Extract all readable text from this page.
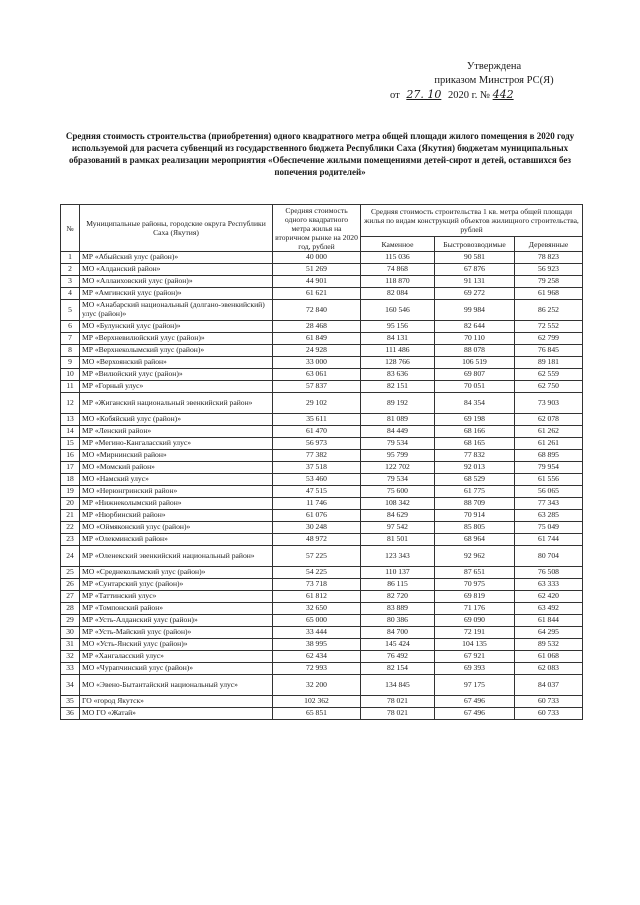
Утверждена
приказом Минстроя РС(Я)
от 27. 10 2020 г. № 442
Средняя стоимость строительства (приобретения) одного квадратного метра общей площади жилого помещения в 2020 году используемой для расчета субвенций из государственного бюджета Республики Саха (Якутия) бюджетам муниципальных образований в рамках реализации мероприятия «Обеспечение жилыми помещениями детей-сирот и детей, оставшихся без попечения родителей»
№	Муниципальные районы, городские округа Республики Саха (Якутия)	Средняя стоимость одного квадратного метра жилья на вторичном рынке на 2020 год, рублей	Средняя стоимость строительства 1 кв. метра общей площади жилья по видам конструкций объектов жилищного строительства, рублей		
			Каменное	Быстровозводимые	Деревянные
1	МР «Абыйский улус (район)»	40 000	115 036	90 581	78 823
2	МО «Алданский район»	51 269	74 868	67 876	56 923
3	МО «Аллаиховский улус (район)»	44 901	118 870	91 131	79 258
4	МР «Амгинский улус (район)»	61 621	82 084	69 272	61 968
5	МО «Анабарский национальный (долгано-эвенкийский) улус (район)»	72 840	160 546	99 984	86 252
6	МО «Булунский улус (район)»	28 468	95 156	82 644	72 552
7	МР «Верхневилюйский улус (район)»	61 849	84 131	70 110	62 799
8	МР «Верхнеколымский улус (район)»	24 928	111 486	88 078	76 845
9	МО «Верхоянский район»	33 000	128 766	106 519	89 181
10	МР «Вилюйский улус (район)»	63 061	83 636	69 807	62 559
11	МР «Горный улус»	57 837	82 151	70 051	62 750
12	МР «Жиганский национальный эвенкийский район»	29 102	89 192	84 354	73 903
13	МО «Кобяйский улус (район)»	35 611	81 089	69 198	62 078
14	МР «Ленский район»	61 470	84 449	68 166	61 262
15	МР «Мегино-Кангаласский улус»	56 973	79 534	68 165	61 261
16	МО «Мирнинский район»	77 382	95 799	77 832	68 895
17	МО «Момский район»	37 518	122 702	92 013	79 954
18	МО «Намский улус»	53 460	79 534	68 529	61 556
19	МО «Нерюнгринский район»	47 515	75 600	61 775	56 065
20	МР «Нижнеколымский район»	11 746	108 342	88 709	77 343
21	МР «Нюрбинский район»	61 076	84 629	70 914	63 285
22	МО «Оймяконский улус (район)»	30 248	97 542	85 805	75 049
23	МР «Олекминский район»	48 972	81 501	68 964	61 744
24	МР «Оленекский эвенкийский национальный район»	57 225	123 343	92 962	80 704
25	МО «Среднеколымский улус (район)»	54 225	110 137	87 651	76 508
26	МР «Сунтарский улус (район)»	73 718	86 115	70 975	63 333
27	МР «Таттинский улус»	61 812	82 720	69 819	62 420
28	МР «Томпонский район»	32 650	83 889	71 176	63 492
29	МР «Усть-Алданский улус (район)»	65 000	80 386	69 090	61 844
30	МР «Усть-Майский улус (район)»	33 444	84 700	72 191	64 295
31	МО «Усть-Янский улус (район)»	38 995	145 424	104 135	89 532
32	МР «Хангаласский улус»	62 434	76 492	67 921	61 068
33	МО «Чурапчинский улус (район)»	72 993	82 154	69 393	62 083
34	МО «Эвено-Бытантайский национальный улус»	32 200	134 845	97 175	84 037
35	ГО «город Якутск»	102 362	78 021	67 496	60 733
36	МО ГО «Жатай»	65 851	78 021	67 496	60 733
